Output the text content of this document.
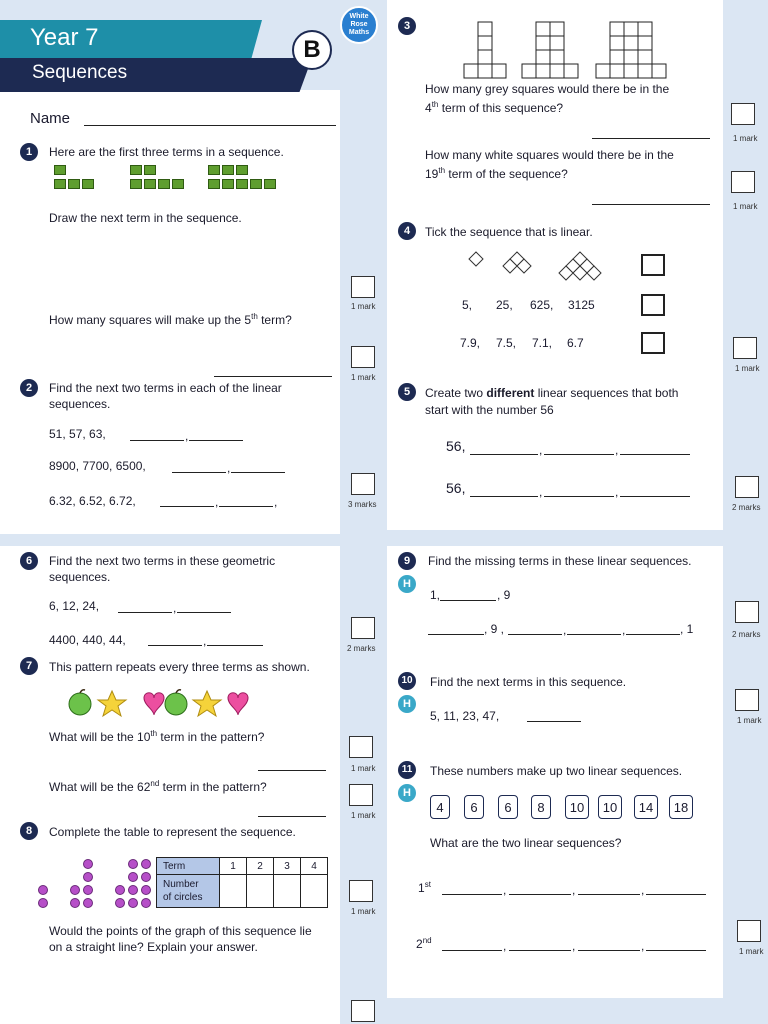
Year 7
Sequences
B
White
Rose
Maths
Name
1	Here are the first three terms in a sequence.
Draw the next term in the sequence.
How many squares will make up the 5th term?
1 mark
1 mark
2	Find the next two terms in each of the linear sequences.
51, 57, 63,	,
8900, 7700, 6500,	,
6.32, 6.52, 6.72,	,	,	3 marks
3
How many grey squares would there be in the
4th term of this sequence?
How many white squares would there be in the
19th term of the sequence?
1 mark
1 mark
4	Tick the sequence that is linear.
5, 25, 625, 3125
7.9, 7.5, 7.1, 6.7
1 mark
5	Create two different linear sequences that both
start with the number 56
56,	,	,
56,	,	,
2 marks
6	Find the next two terms in these geometric sequences.
6, 12, 24,	,
4400, 440, 44,	,
2 marks
7	This pattern repeats every three terms as shown.
What will be the 10th term in the pattern?
What will be the 62nd term in the pattern?
1 mark
1 mark
8	Complete the table to represent the sequence.
Term	1	2	3	4

Number
of circles				

Would the points of the graph of this sequence lie
on a straight line? Explain your answer.
1 mark
9
H
Find the missing terms in these linear sequences.
1,	, 9
, 9 ,	,	,	, 1	2 marks
10
H
Find the next terms in this sequence.
5, 11, 23, 47,	1 mark
11
H
These numbers make up two linear sequences.
4	6	6	8	10	10	14	18
What are the two linear sequences?
1st	,	,	,
2nd	,	,	,	1 mark
